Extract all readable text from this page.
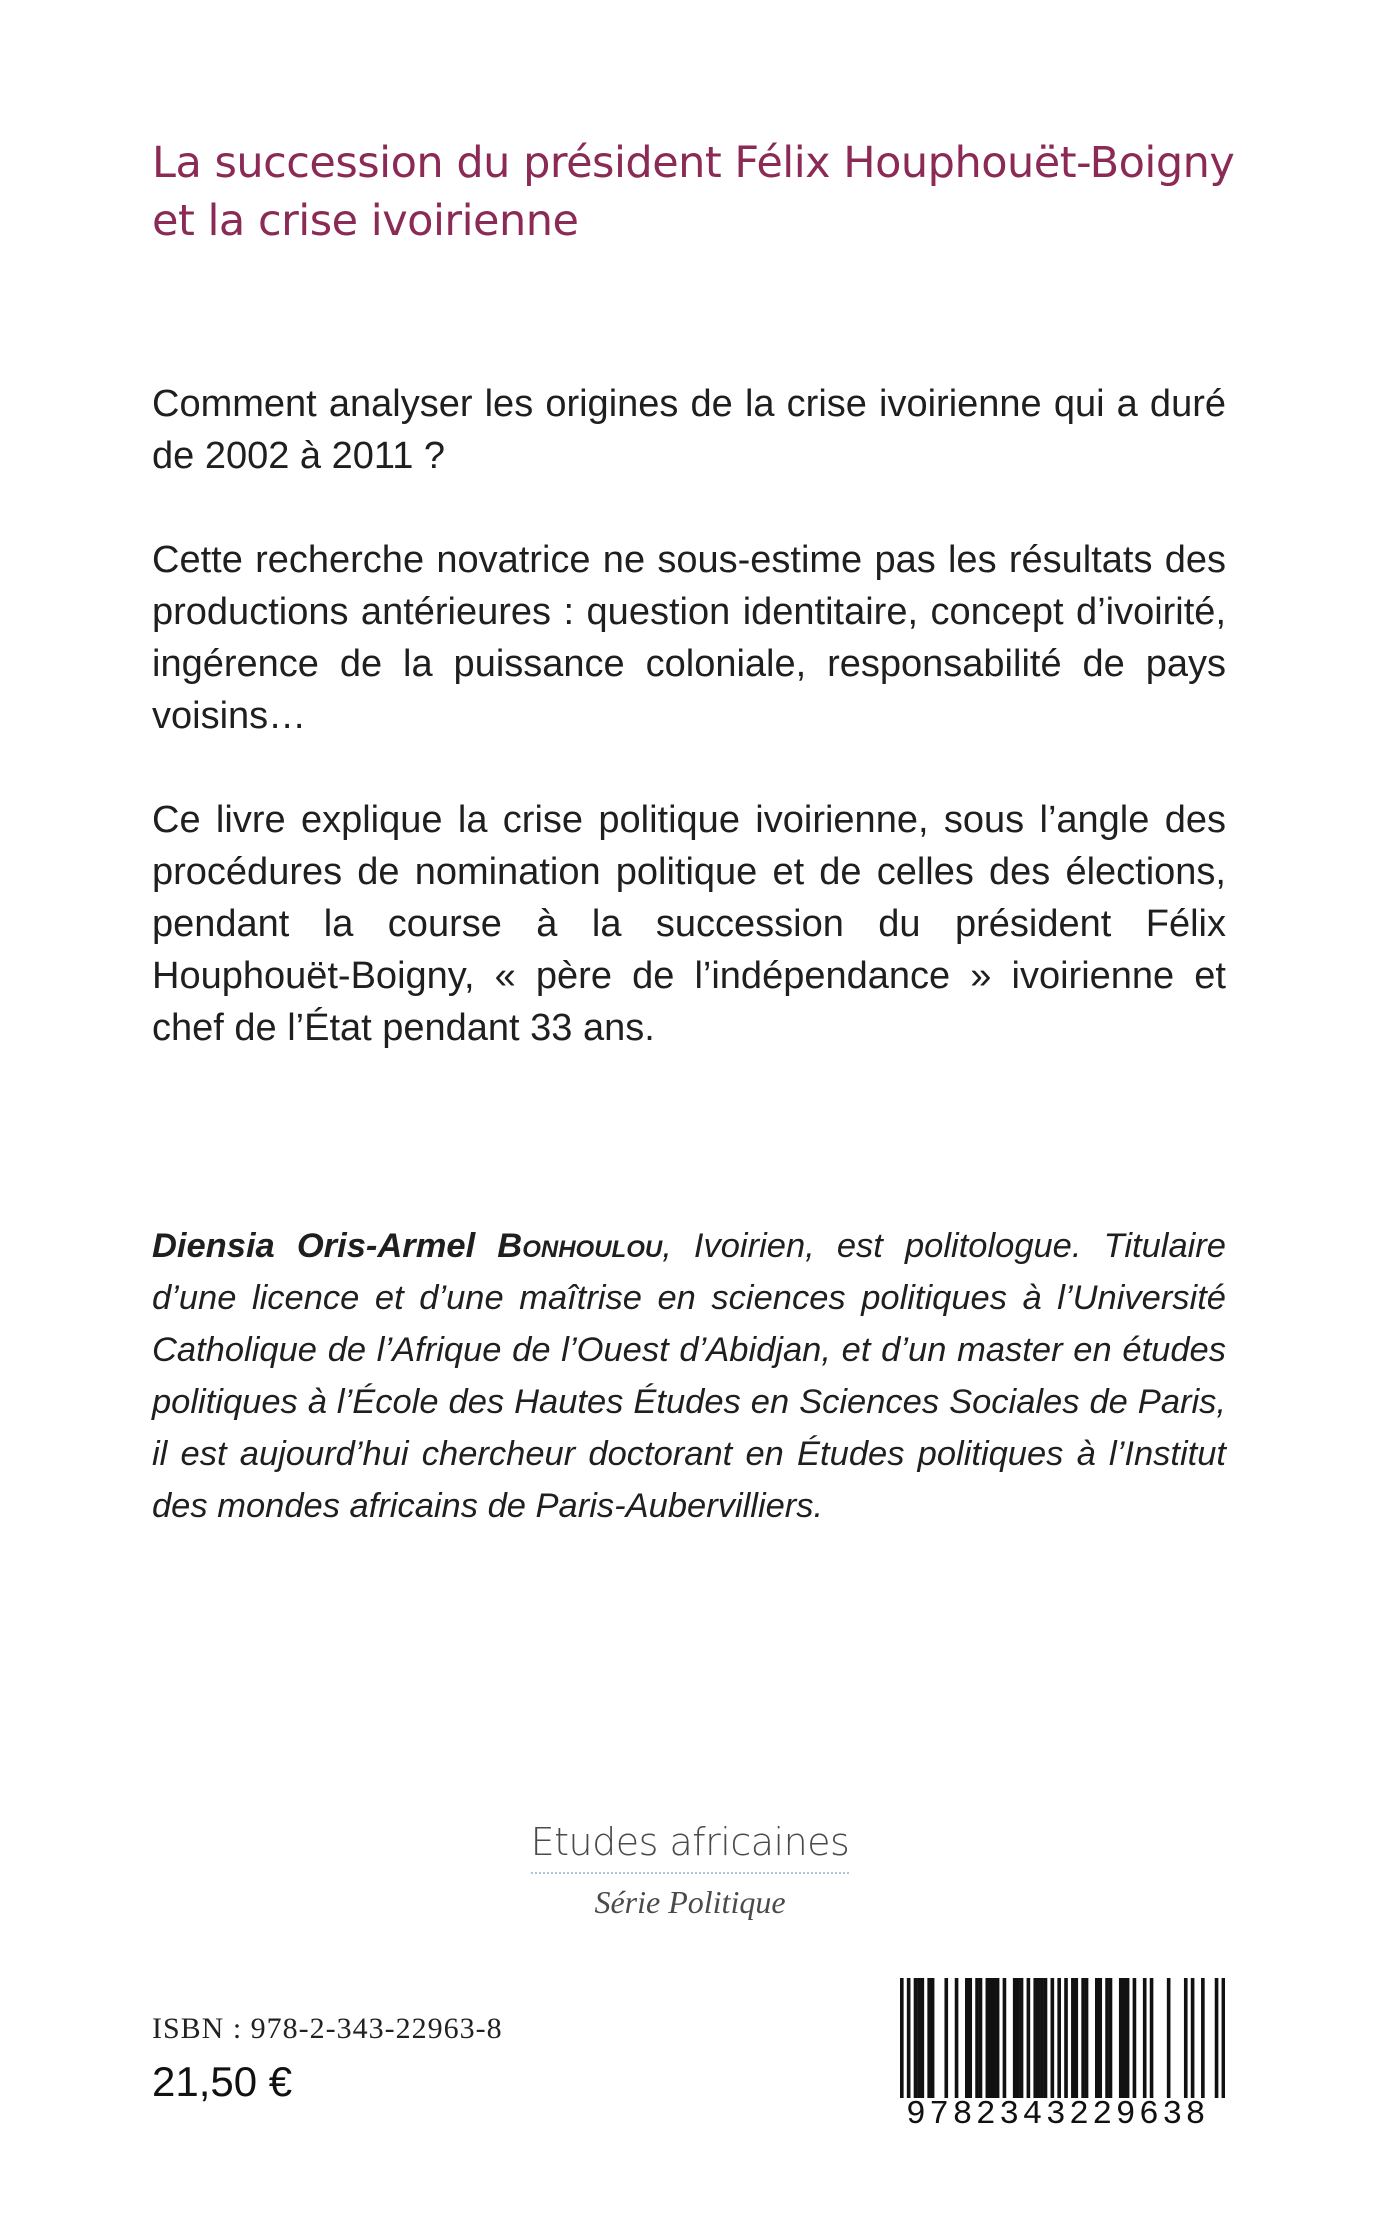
La succession du président Félix Houphouët-Boigny
et la crise ivoirienne

Comment analyser les origines de la crise ivoirienne qui a duré de 2002 à 2011 ?

Cette recherche novatrice ne sous-estime pas les résultats des productions antérieures : question identitaire, concept d’ivoirité, ingérence de la puissance coloniale, responsabilité de pays voisins…

Ce livre explique la crise politique ivoirienne, sous l’angle des procédures de nomination politique et de celles des élections, pendant la course à la succession du président Félix Houphouët-Boigny, « père de l’indépendance » ivoirienne et chef de l’État pendant 33 ans.

Diensia Oris-Armel Bonhoulou, Ivoirien, est politologue. Titulaire d’une licence et d’une maîtrise en sciences politiques à l’Université Catholique de l’Afrique de l’Ouest d’Abidjan, et d’un master en études politiques à l’École des Hautes Études en Sciences Sociales de Paris, il est aujourd’hui chercheur doctorant en Études politiques à l’Institut des mondes africains de Paris-Aubervilliers.

Etudes africaines
Série Politique
ISBN : 978-2-343-22963-8
21,50 €
9782343229638
